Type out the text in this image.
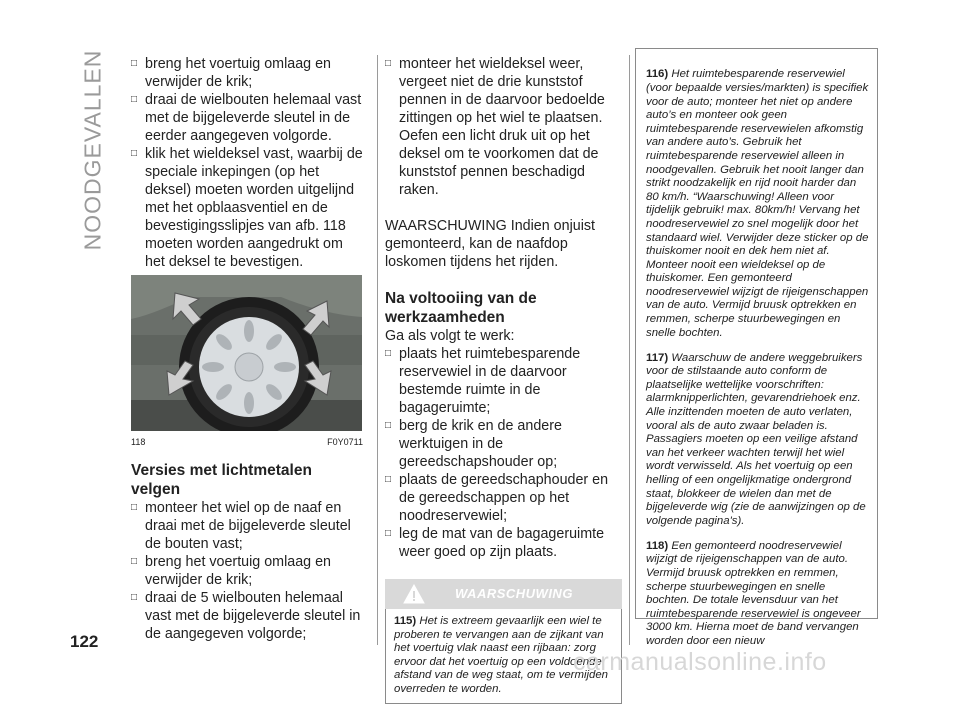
NOODGEVALLEN
□	breng het voertuig omlaag en verwijder de krik;

□

draai de wielbouten helemaal vast met de bijgeleverde sleutel in de eerder aangegeven volgorde.

□

klik het wieldeksel vast, waarbij de speciale inkepingen (op het deksel) moeten worden uitgelijnd met het opblaasventiel en de bevestigingsslipjes van afb. 118 moeten worden aangedrukt om het deksel te bevestigen.

118	F0Y0711
Versies met lichtmetalen velgen
□

monteer het wiel op de naaf en draai met de bijgeleverde sleutel de bouten vast;

□

breng het voertuig omlaag en verwijder de krik;

□

draai de 5 wielbouten helemaal vast met de bijgeleverde sleutel in de aangegeven volgorde;

□

monteer het wieldeksel weer, vergeet niet de drie kunststof pennen in de daarvoor bedoelde zittingen op het wiel te plaatsen. Oefen een licht druk uit op het deksel om te voorkomen dat de kunststof pennen beschadigd raken.

WAARSCHUWING Indien onjuist gemonteerd, kan de naafdop loskomen tijdens het rijden.

Na voltooiing van de werkzaamheden

Ga als volgt te werk:

□

plaats het ruimtebesparende reservewiel in de daarvoor bestemde ruimte in de bagageruimte;

□

berg de krik en de andere werktuigen in de gereedschapshouder op;

□

plaats de gereedschaphouder en de gereedschappen op het noodreservewiel;

□

leg de mat van de bagageruimte weer goed op zijn plaats.

WAARSCHUWING

115) Het is extreem gevaarlijk een wiel te proberen te vervangen aan de zijkant van het voertuig vlak naast een rijbaan: zorg ervoor dat het voertuig op een voldoende afstand van de weg staat, om te vermijden overreden te worden.

116) Het ruimtebesparende reservewiel (voor bepaalde versies/markten) is specifiek voor de auto; monteer het niet op andere auto’s en monteer ook geen ruimtebesparende reservewielen afkomstig van andere auto’s. Gebruik het ruimtebesparende reservewiel alleen in noodgevallen. Gebruik het nooit langer dan strikt noodzakelijk en rijd nooit harder dan 80 km/h. “Waarschuwing! Alleen voor tijdelijk gebruik! max. 80km/h! Vervang het noodreservewiel zo snel mogelijk door het standaard wiel. Verwijder deze sticker op de thuiskomer nooit en dek hem niet af. Monteer nooit een wieldeksel op de thuiskomer. Een gemonteerd noodreservewiel wijzigt de rijeigenschappen van de auto. Vermijd bruusk optrekken en remmen, scherpe stuurbewegingen en snelle bochten.

117) Waarschuw de andere weggebruikers voor de stilstaande auto conform de plaatselijke wettelijke voorschriften: alarmknipperlichten, gevarendriehoek enz. Alle inzittenden moeten de auto verlaten, vooral als de auto zwaar beladen is. Passagiers moeten op een veilige afstand van het verkeer wachten terwijl het wiel wordt verwisseld. Als het voertuig op een helling of een ongelijkmatige ondergrond staat, blokkeer de wielen dan met de bijgeleverde wig (zie de aanwijzingen op de volgende pagina's).

118) Een gemonteerd noodreservewiel wijzigt de rijeigenschappen van de auto. Vermijd bruusk optrekken en remmen, scherpe stuurbewegingen en snelle bochten. De totale levensduur van het ruimtebesparende reservewiel is ongeveer 3000 km. Hierna moet de band vervangen worden door een nieuw

122
carmanualsonline.info
